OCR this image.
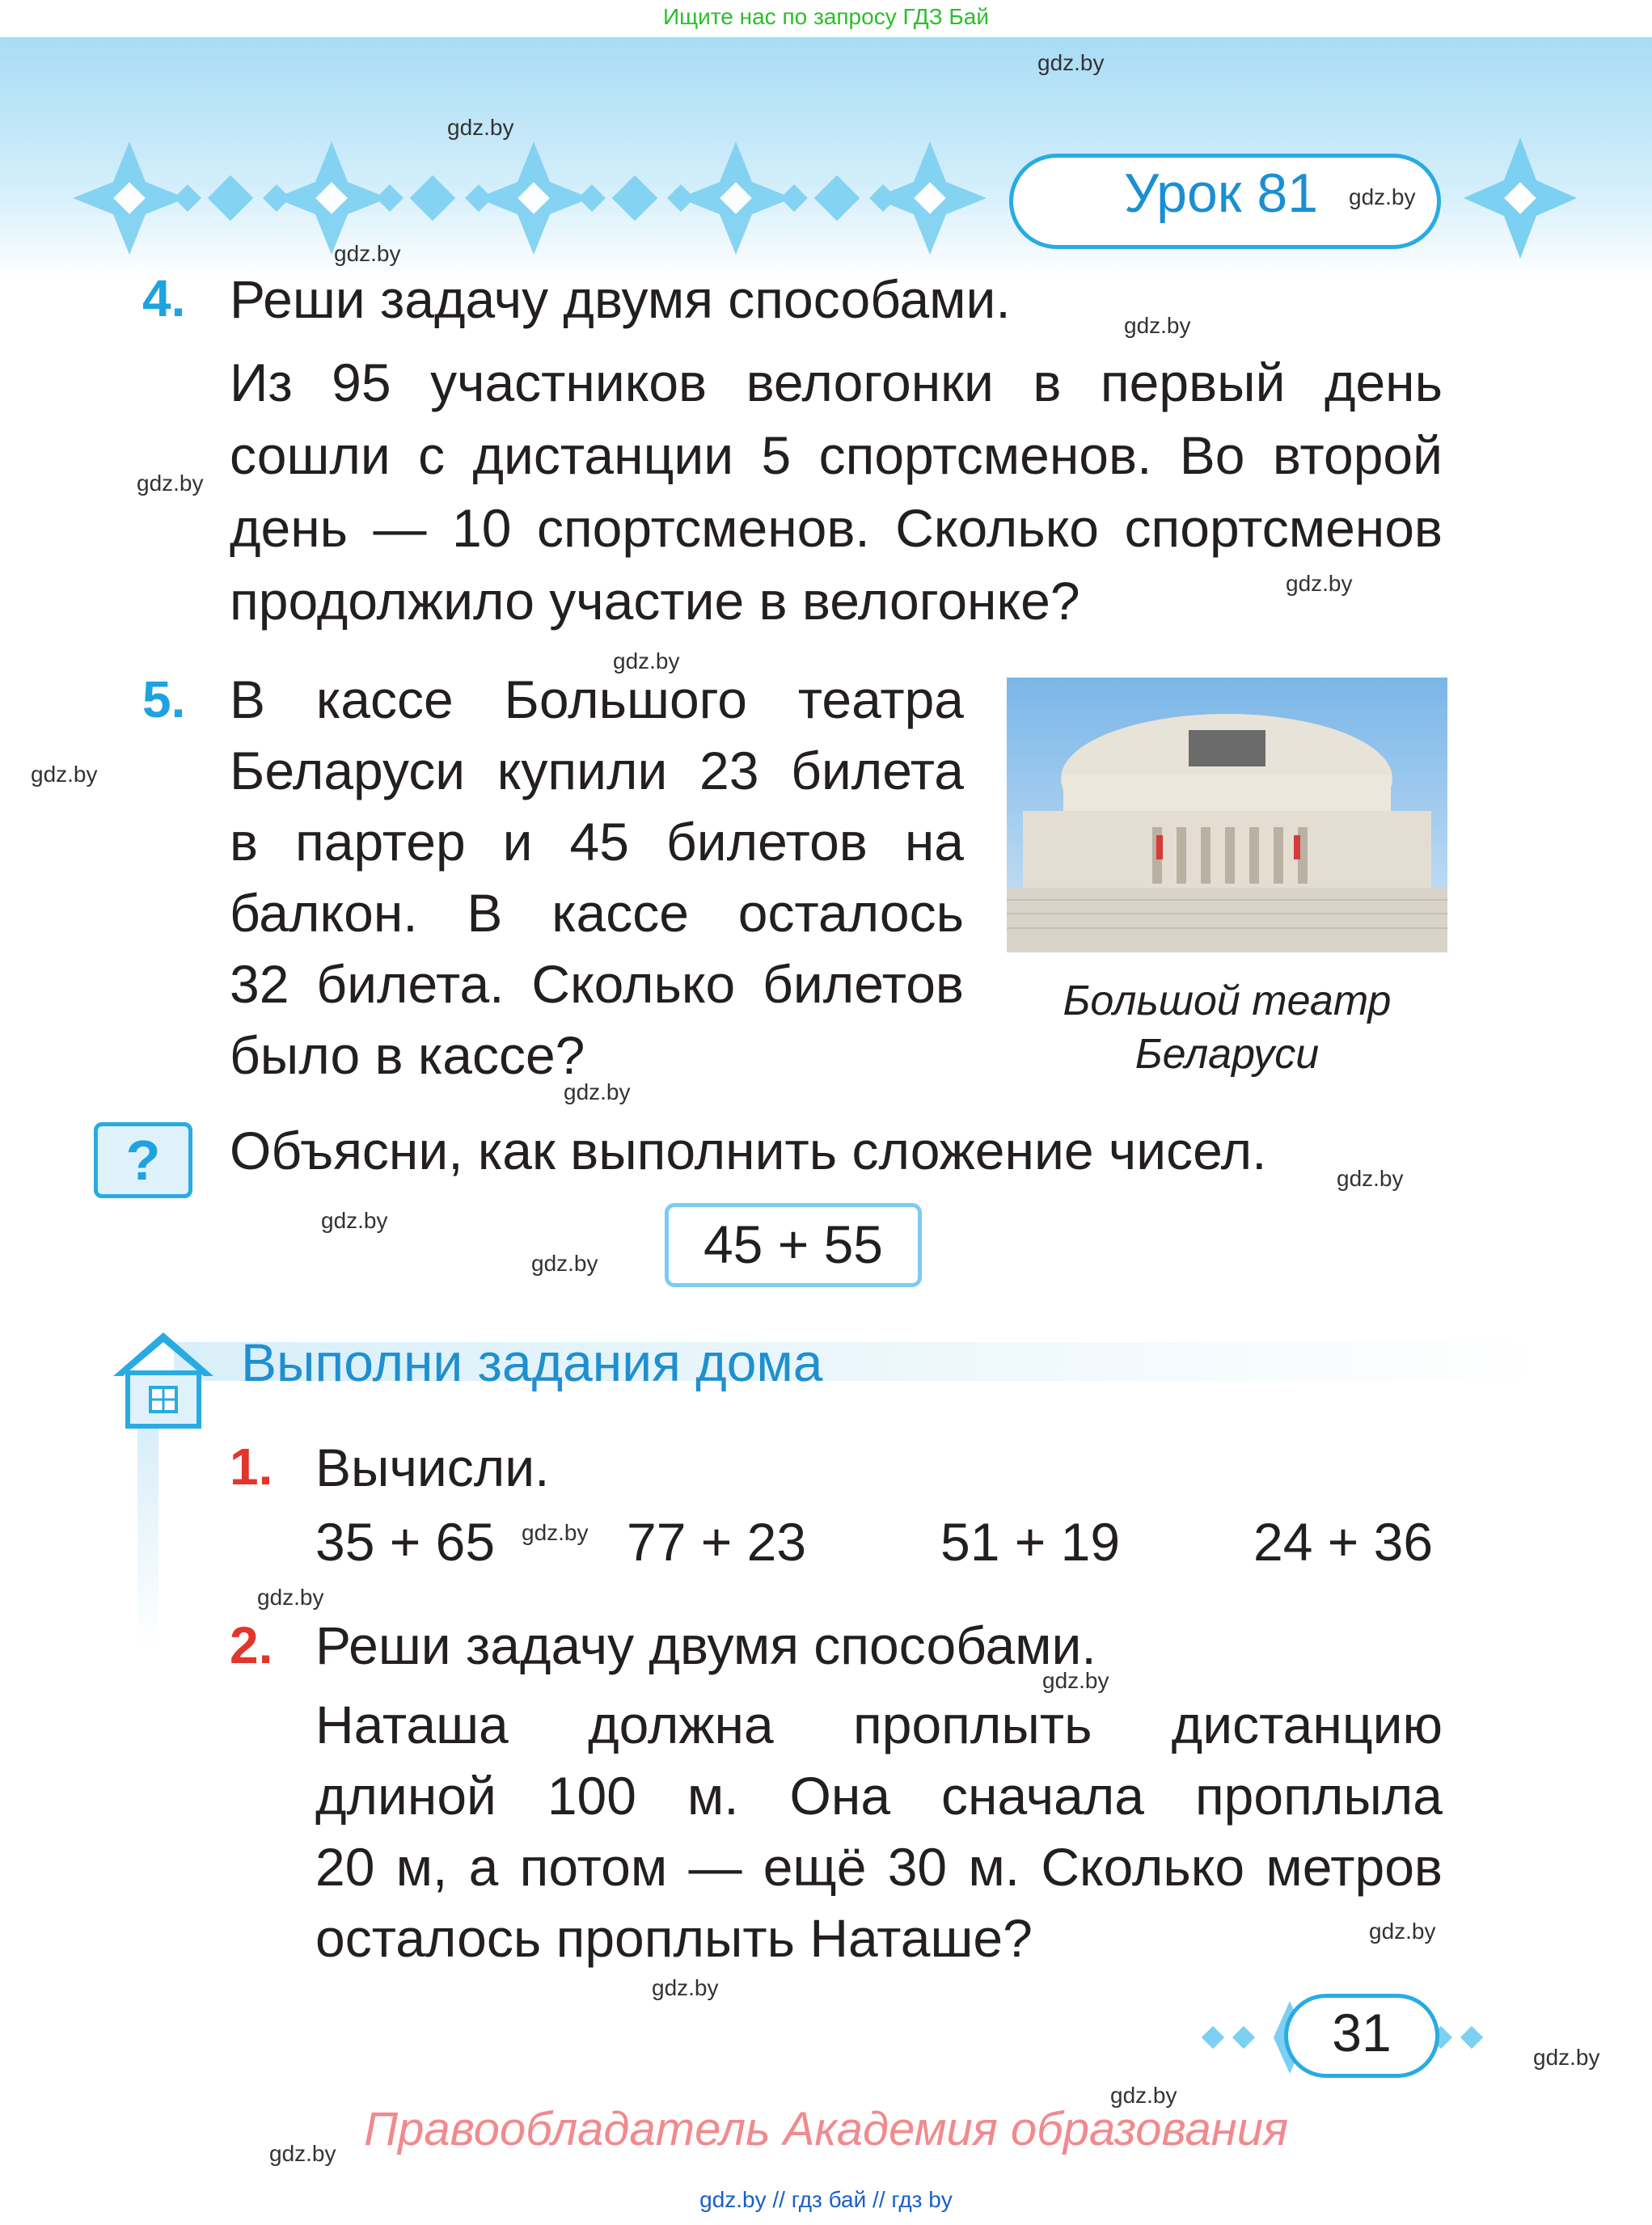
Ищите нас по запросу ГДЗ Бай
Урок 81
gdz.by
gdz.by
gdz.by
gdz.by
gdz.by
gdz.by
gdz.by
gdz.by
gdz.by
gdz.by
gdz.by
gdz.by
gdz.by
gdz.by
gdz.by
gdz.by
gdz.by
gdz.by
gdz.by
gdz.by
gdz.by
4. Реши задачу двумя способами.
Из 95 участников велогонки в первый день
сошли с дистанции 5 спортсменов. Во второй
день — 10 спортсменов. Сколько спортсменов
продолжило участие в велогонке?
5. В кассе Большого театра
Беларуси купили 23 билета
в партер и 45 билетов на
балкон. В кассе осталось
32 билета. Сколько билетов
было в кассе?
Большой театр
Беларуси
?	Объясни, как выполнить сложение чисел.
45 + 55
Выполни задания дома
1. Вычисли.
35 + 65 77 + 23	51 + 19 24 + 36
2. Реши задачу двумя способами.
Наташа должна проплыть дистанцию
длиной 100 м. Она сначала проплыла
20 м, а потом — ещё 30 м. Сколько метров
осталось проплыть Наташе?
31
Правообладатель Академия образования
gdz.by // гдз бай // гдз by
